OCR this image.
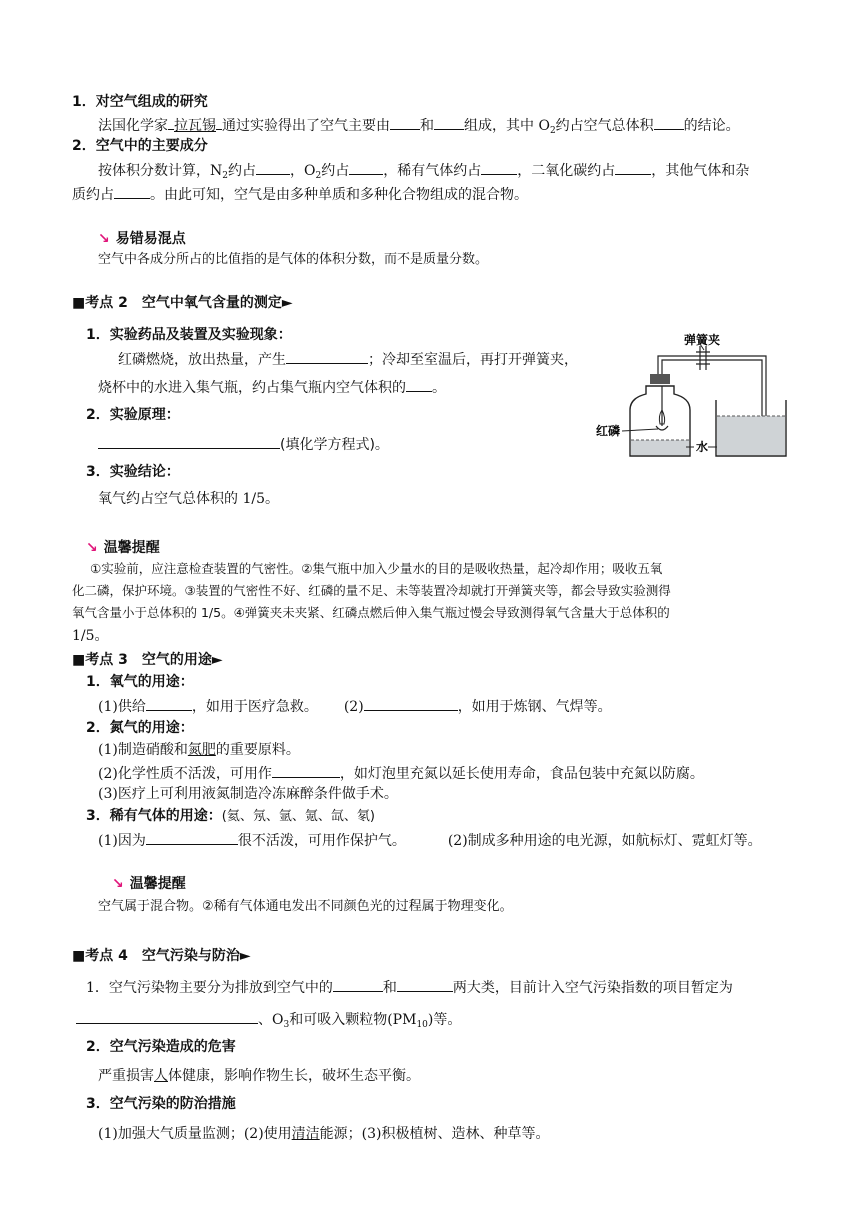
1．对空气组成的研究
法国化学家 拉瓦锡 通过实验得出了空气主要由 和 组成，其中 $O_2$约占空气总体积 的结论。
2．空气中的主要成分
按体积分数计算，$N_2$约占 ，$O_2$约占 ，稀有气体约占	，二氧化碳约占	，其他气体和杂
质约占	。由此可知，空气是由多种单质和多种化合物组成的混合物。
↘ 易错易混点
空气中各成分所占的比值指的是气体的体积分数，而不是质量分数。
■考点 2　空气中氧气含量的测定►
1．实验药品及装置及实验现象：
红磷燃烧，放出热量，产生	；冷却至室温后，再打开弹簧夹，
烧杯中的水进入集气瓶，约占集气瓶内空气体积的 。
2．实验原理：
(填化学方程式)。
3．实验结论：
氧气约占空气总体积的 1/5。
弹簧夹
红磷
水
↘ 温馨提醒
①实验前，应注意检查装置的气密性。②集气瓶中加入少量水的目的是吸收热量，起冷却作用；吸收五氧
化二磷，保护环境。③装置的气密性不好、红磷的量不足、未等装置冷却就打开弹簧夹等，都会导致实验测得
氧气含量小于总体积的 1/5。④弹簧夹未夹紧、红磷点燃后伸入集气瓶过慢会导致测得氧气含量大于总体积的
1/5。
■考点 3　空气的用途►
1．氧气的用途：
(1)供给	，如用于医疗急救。 (2)	，如用于炼钢、气焊等。
2．氮气的用途：
(1)制造硝酸和氮肥的重要原料。
(2)化学性质不活泼，可用作	，如灯泡里充氮以延长使用寿命，食品包装中充氮以防腐。
(3)医疗上可利用液氮制造冷冻麻醉条件做手术。
3．稀有气体的用途：(氦、氖、氩、氪、氙、氡)
(1)因为	很不活泼，可用作保护气。	(2)制成多种用途的电光源，如航标灯、霓虹灯等。
↘ 温馨提醒
空气属于混合物。②稀有气体通电发出不同颜色光的过程属于物理变化。
■考点 4　空气污染与防治►
1．空气污染物主要分为排放到空气中的	和	两大类，目前计入空气污染指数的项目暂定为
、$O_3$和可吸入颗粒物$(PM_{10})$等。
2．空气污染造成的危害
严重损害人体健康，影响作物生长，破坏生态平衡。
3．空气污染的防治措施
(1)加强大气质量监测；(2)使用清洁能源；(3)积极植树、造林、种草等。
